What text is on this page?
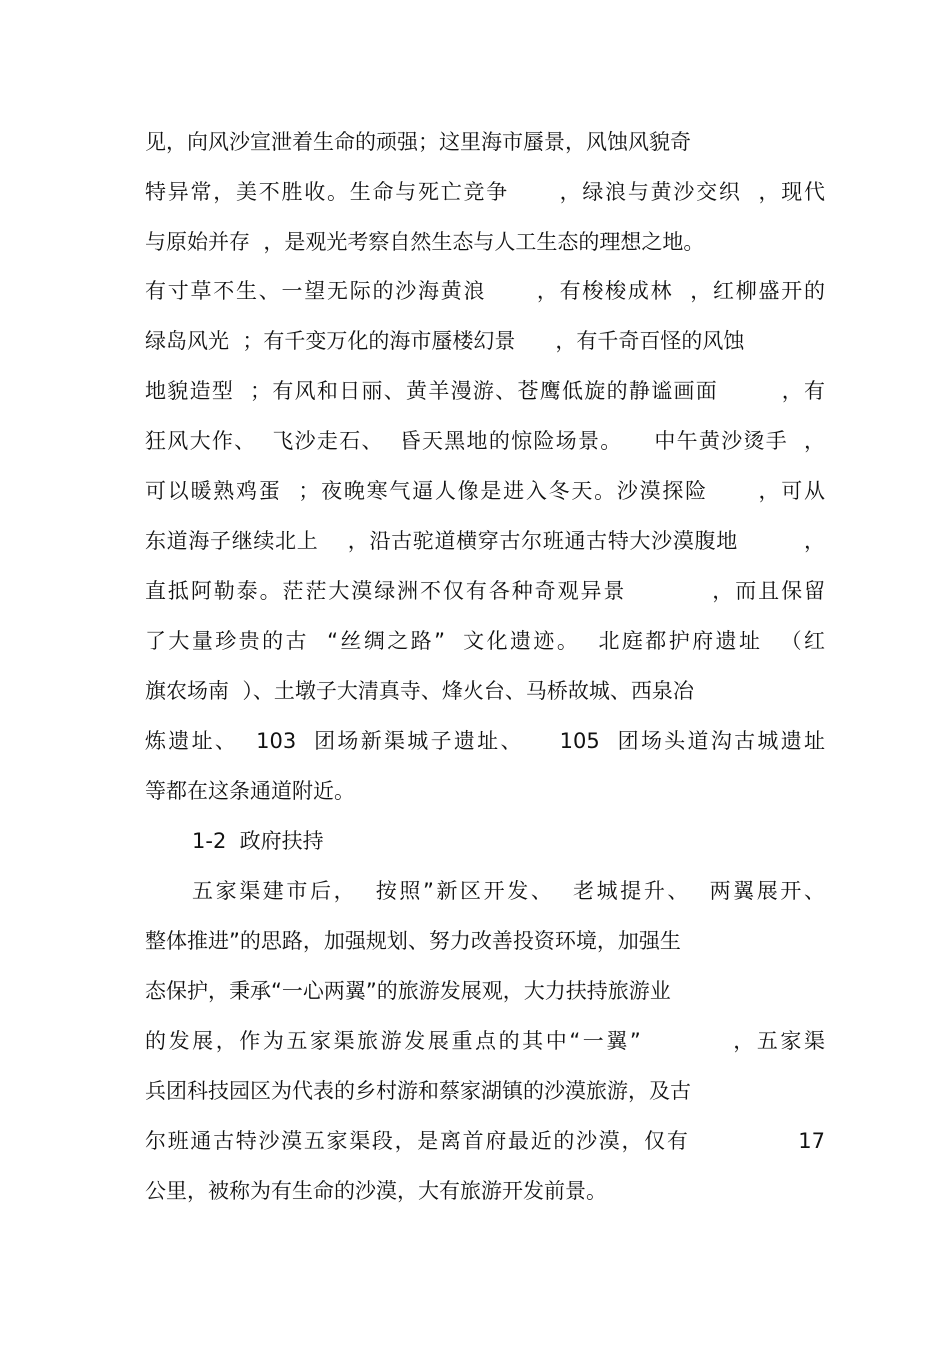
见，向风沙宣泄着生命的顽强；这里海市蜃景，风蚀风貌奇
特异常，美不胜收。生命与死亡竞争      ，绿浪与黄沙交织  ，现代
与原始并存  ，是观光考察自然生态与人工生态的理想之地。
有寸草不生、一望无际的沙海黄浪      ，有梭梭成林  ，红柳盛开的
绿岛风光  ；有千变万化的海市蜃楼幻景      ，有千奇百怪的风蚀
地貌造型  ；有风和日丽、黄羊漫游、苍鹰低旋的静谧画面        ，有
狂风大作、  飞沙走石、  昏天黑地的惊险场景。    中午黄沙烫手  ，
可以暖熟鸡蛋  ；夜晚寒气逼人像是进入冬天。沙漠探险      ，可从
东道海子继续北上    ，沿古驼道横穿古尔班通古特大沙漠腹地         ，
直抵阿勒泰。茫茫大漠绿洲不仅有各种奇观异景          ，而且保留
了大量珍贵的古  “丝绸之路”  文化遗迹。  北庭都护府遗址  （红
旗农场南  ）、土墩子大清真寺、烽火台、马桥故城、西泉冶
炼遗址、  103  团场新渠城子遗址、    105  团场头道沟古城遗址
等都在这条通道附近。
1-2  政府扶持
五家渠建市后，  按照”新区开发、  老城提升、  两翼展开、
整体推进”的思路，加强规划、努力改善投资环境，加强生
态保护，秉承“一心两翼”的旅游发展观，大力扶持旅游业
的发展，作为五家渠旅游发展重点的其中“一翼”          ，五家渠
兵团科技园区为代表的乡村游和蔡家湖镇的沙漠旅游，及古
尔班通古特沙漠五家渠段，是离首府最近的沙漠，仅有             17
公里，被称为有生命的沙漠，大有旅游开发前景。
